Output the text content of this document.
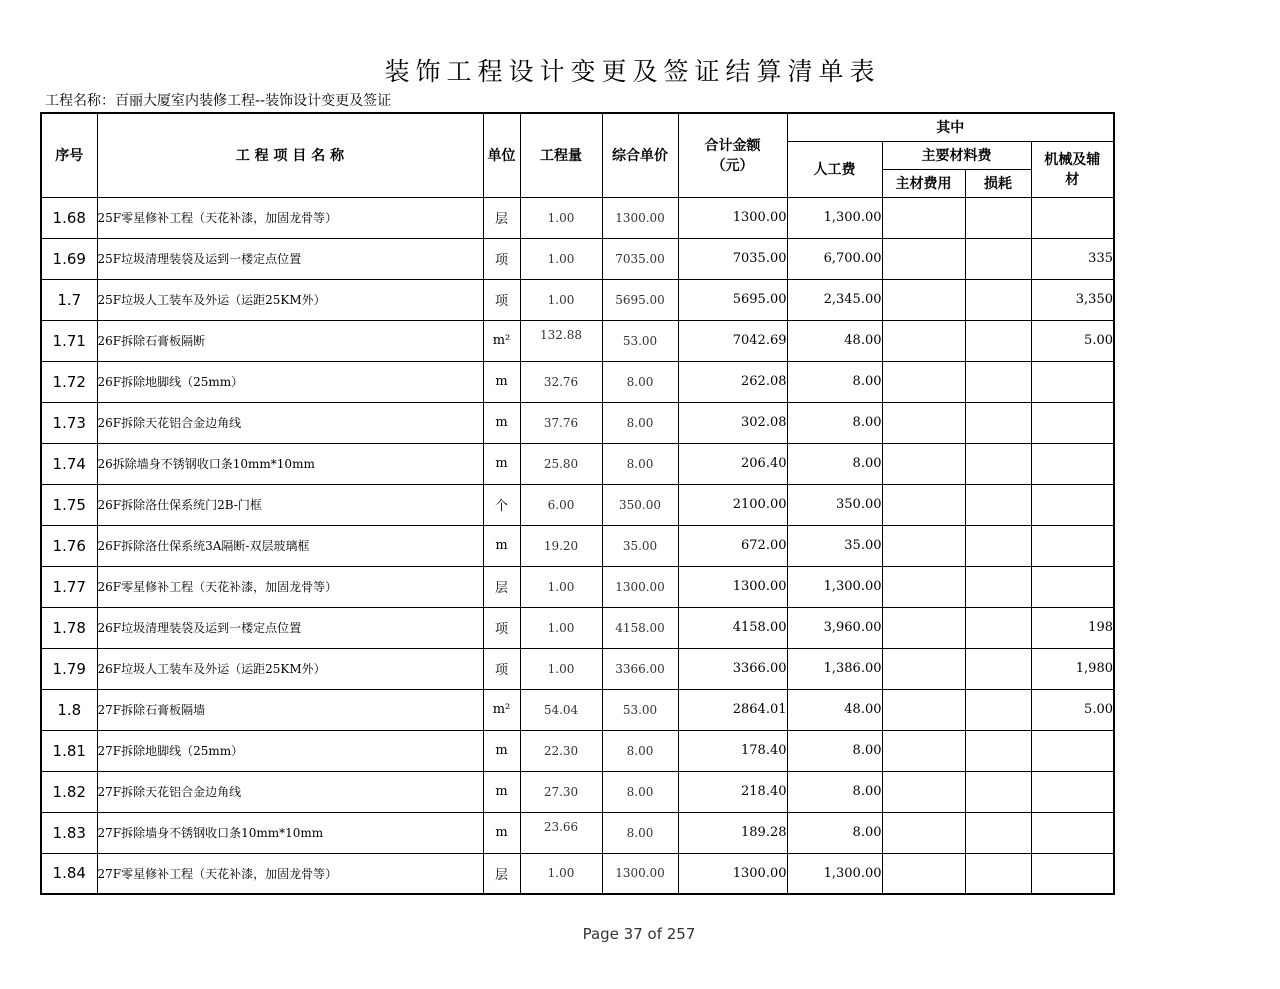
装饰工程设计变更及签证结算清单表
工程名称：百丽大厦室内装修工程--装饰设计变更及签证
序号	工 程 项 目 名 称	单位	工程量	综合单价	合计金额
（元）	其中			
						人工费	主要材料费		机械及辅
材

							主材费用	损耗	
1.68	25F零星修补工程（天花补漆，加固龙骨等）	层	1.00	1300.00	1300.00	1,300.00			
1.69	25F垃圾清理装袋及运到一楼定点位置	项	1.00	7035.00	7035.00	6,700.00			335
1.7	25F垃圾人工装车及外运（运距25KM外）	项	1.00	5695.00	5695.00	2,345.00			3,350
1.71	26F拆除石膏板隔断	m²	132.88	53.00	7042.69	48.00			5.00
1.72	26F拆除地脚线（25mm）	m	32.76	8.00	262.08	8.00			
1.73	26F拆除天花铝合金边角线	m	37.76	8.00	302.08	8.00			
1.74	26拆除墙身不锈钢收口条10mm*10mm	m	25.80	8.00	206.40	8.00			
1.75	26F拆除洛仕保系统门2B-门框	个	6.00	350.00	2100.00	350.00			
1.76	26F拆除洛仕保系统3A隔断-双层玻璃框	m	19.20	35.00	672.00	35.00			
1.77	26F零星修补工程（天花补漆，加固龙骨等）	层	1.00	1300.00	1300.00	1,300.00			
1.78	26F垃圾清理装袋及运到一楼定点位置	项	1.00	4158.00	4158.00	3,960.00			198
1.79	26F垃圾人工装车及外运（运距25KM外）	项	1.00	3366.00	3366.00	1,386.00			1,980
1.8	27F拆除石膏板隔墙	m²	54.04	53.00	2864.01	48.00			5.00
1.81	27F拆除地脚线（25mm）	m	22.30	8.00	178.40	8.00			
1.82	27F拆除天花铝合金边角线	m	27.30	8.00	218.40	8.00			
1.83	27F拆除墙身不锈钢收口条10mm*10mm	m	23.66	8.00	189.28	8.00			
1.84	27F零星修补工程（天花补漆，加固龙骨等）	层	1.00	1300.00	1300.00	1,300.00			
Page 37 of 257
